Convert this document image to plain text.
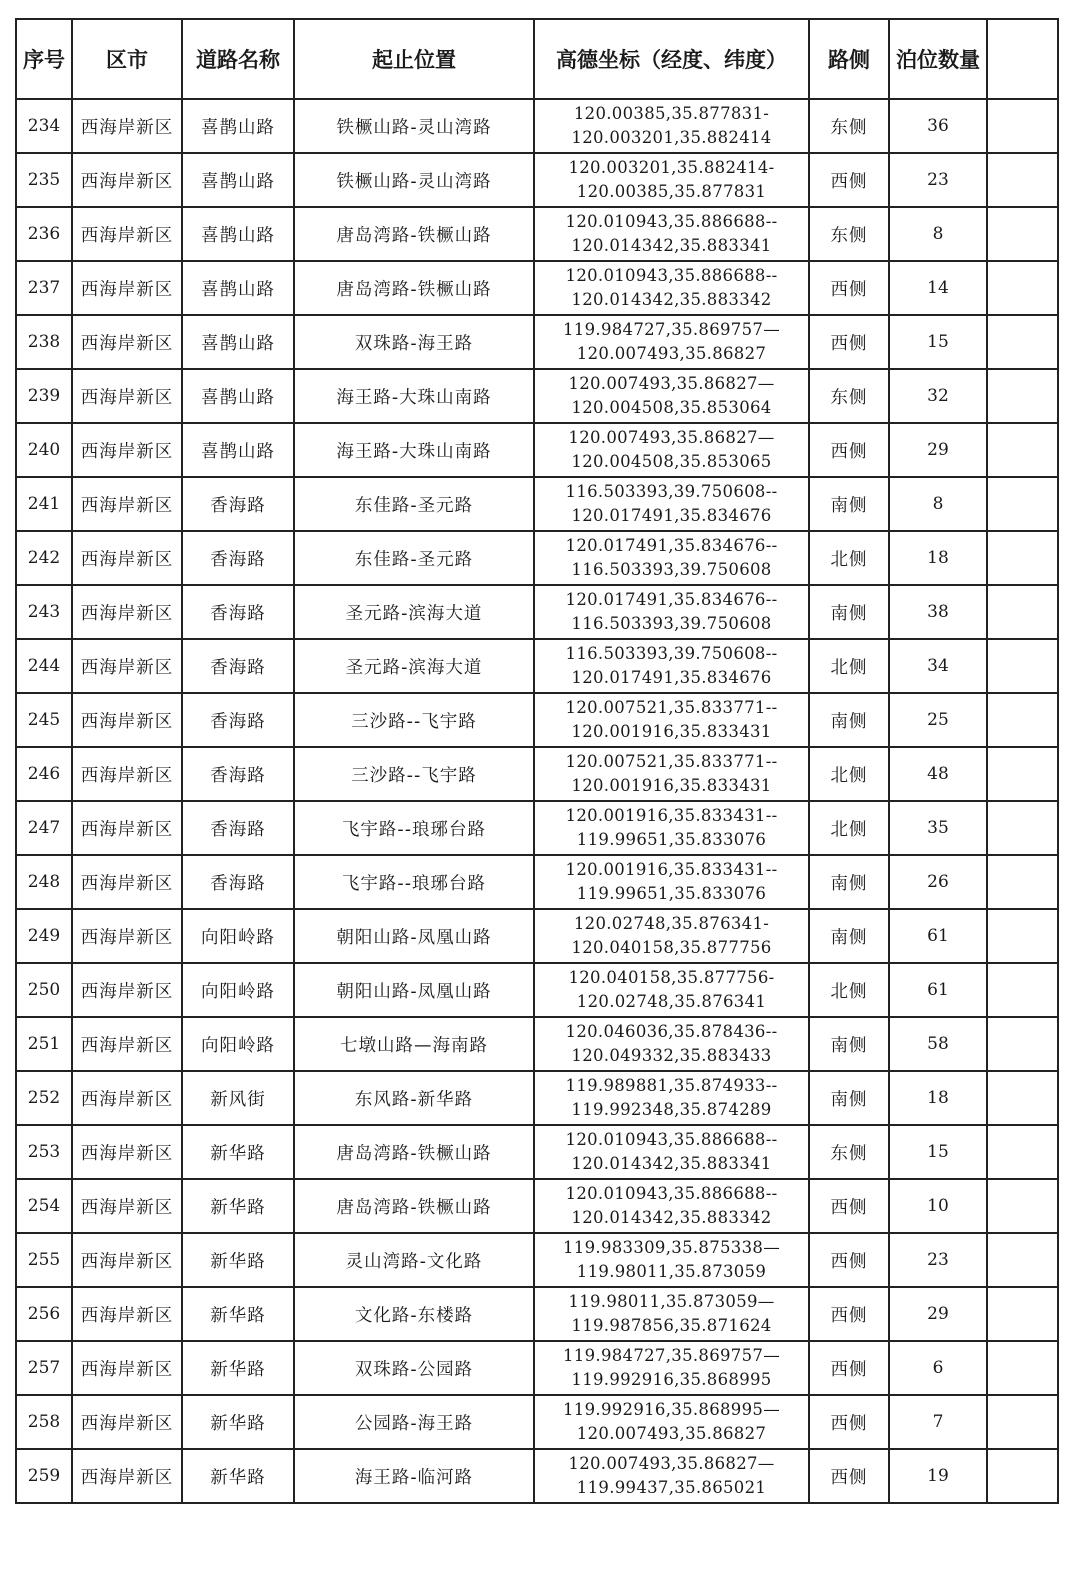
序号	区市	道路名称	起止位置	高德坐标（经度、纬度）	路侧	泊位数量	
234	西海岸新区	喜鹊山路	铁橛山路-灵山湾路	120.00385,35.877831-
120.003201,35.882414	东侧	36	
235	西海岸新区	喜鹊山路	铁橛山路-灵山湾路	120.003201,35.882414-
120.00385,35.877831	西侧	23	
236	西海岸新区	喜鹊山路	唐岛湾路-铁橛山路	120.010943,35.886688--
120.014342,35.883341	东侧	8	
237	西海岸新区	喜鹊山路	唐岛湾路-铁橛山路	120.010943,35.886688--
120.014342,35.883342	西侧	14	
238	西海岸新区	喜鹊山路	双珠路-海王路	119.984727,35.869757—
120.007493,35.86827	西侧	15	
239	西海岸新区	喜鹊山路	海王路-大珠山南路	120.007493,35.86827—
120.004508,35.853064	东侧	32	
240	西海岸新区	喜鹊山路	海王路-大珠山南路	120.007493,35.86827—
120.004508,35.853065	西侧	29	
241	西海岸新区	香海路	东佳路-圣元路	116.503393,39.750608--
120.017491,35.834676	南侧	8	
242	西海岸新区	香海路	东佳路-圣元路	120.017491,35.834676--
116.503393,39.750608	北侧	18	
243	西海岸新区	香海路	圣元路-滨海大道	120.017491,35.834676--
116.503393,39.750608	南侧	38	
244	西海岸新区	香海路	圣元路-滨海大道	116.503393,39.750608--
120.017491,35.834676	北侧	34	
245	西海岸新区	香海路	三沙路--飞宇路	120.007521,35.833771--
120.001916,35.833431	南侧	25	
246	西海岸新区	香海路	三沙路--飞宇路	120.007521,35.833771--
120.001916,35.833431	北侧	48	
247	西海岸新区	香海路	飞宇路--琅琊台路	120.001916,35.833431--
119.99651,35.833076	北侧	35	
248	西海岸新区	香海路	飞宇路--琅琊台路	120.001916,35.833431--
119.99651,35.833076	南侧	26	
249	西海岸新区	向阳岭路	朝阳山路-凤凰山路	120.02748,35.876341-
120.040158,35.877756	南侧	61	
250	西海岸新区	向阳岭路	朝阳山路-凤凰山路	120.040158,35.877756-
120.02748,35.876341	北侧	61	
251	西海岸新区	向阳岭路	七墩山路—海南路	120.046036,35.878436--
120.049332,35.883433	南侧	58	
252	西海岸新区	新风街	东风路-新华路	119.989881,35.874933--
119.992348,35.874289	南侧	18	
253	西海岸新区	新华路	唐岛湾路-铁橛山路	120.010943,35.886688--
120.014342,35.883341	东侧	15	
254	西海岸新区	新华路	唐岛湾路-铁橛山路	120.010943,35.886688--
120.014342,35.883342	西侧	10	
255	西海岸新区	新华路	灵山湾路-文化路	119.983309,35.875338—
119.98011,35.873059	西侧	23	
256	西海岸新区	新华路	文化路-东楼路	119.98011,35.873059—
119.987856,35.871624	西侧	29	
257	西海岸新区	新华路	双珠路-公园路	119.984727,35.869757—
119.992916,35.868995	西侧	6	
258	西海岸新区	新华路	公园路-海王路	119.992916,35.868995—
120.007493,35.86827	西侧	7	
259	西海岸新区	新华路	海王路-临河路	120.007493,35.86827—
119.99437,35.865021	西侧	19	
